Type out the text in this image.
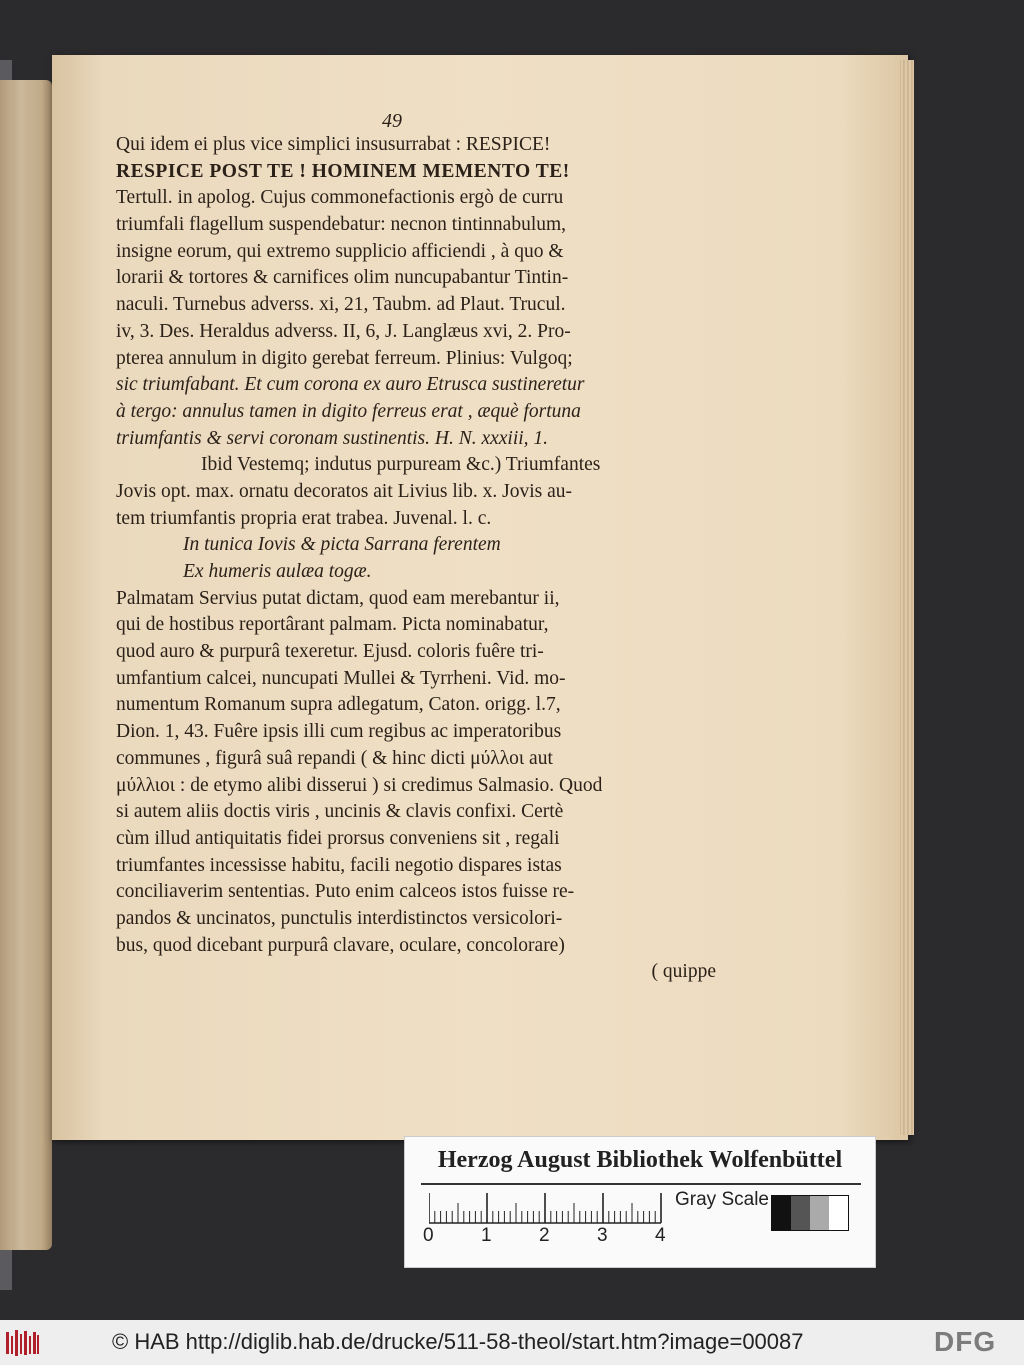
49
Qui idem ei plus vice simplici insusurrabat : RESPICE!
RESPICE POST TE ! HOMINEM MEMENTO TE!
Tertull. in apolog. Cujus commonefactionis ergò de curru
triumfali flagellum suspendebatur: necnon tintinnabulum,
insigne eorum, qui extremo supplicio afficiendi , à quo &
lorarii & tortores & carnifices olim nuncupabantur Tintin-
naculi. Turnebus adverss. xi, 21, Taubm. ad Plaut. Trucul.
iv, 3. Des. Heraldus adverss. II, 6, J. Langlæus xvi, 2. Pro-
pterea annulum in digito gerebat ferreum. Plinius: Vulgoq;
sic triumfabant. Et cum corona ex auro Etrusca sustineretur
à tergo: annulus tamen in digito ferreus erat , æquè fortuna
triumfantis & servi coronam sustinentis. H. N. xxxiii, 1.
Ibid Vestemq; indutus purpuream &c.) Triumfantes
Jovis opt. max. ornatu decoratos ait Livius lib. x. Jovis au-
tem triumfantis propria erat trabea. Juvenal. l. c.
In tunica Iovis & picta Sarrana ferentem
Ex humeris aulæa togæ.
Palmatam Servius putat dictam, quod eam merebantur ii,
qui de hostibus reportârant palmam. Picta nominabatur,
quod auro & purpurâ texeretur. Ejusd. coloris fuêre tri-
umfantium calcei, nuncupati Mullei & Tyrrheni. Vid. mo-
numentum Romanum supra adlegatum, Caton. origg. l.7,
Dion. 1, 43. Fuêre ipsis illi cum regibus ac imperatoribus
communes , figurâ suâ repandi ( & hinc dicti μύλλοι aut
μύλλιοι : de etymo alibi disserui ) si credimus Salmasio. Quod
si autem aliis doctis viris , uncinis & clavis confixi. Certè
cùm illud antiquitatis fidei prorsus conveniens sit , regali
triumfantes incessisse habitu, facili negotio dispares istas
conciliaverim sententias. Puto enim calceos istos fuisse re-
pandos & uncinatos, punctulis interdistinctos versicolori-
bus, quod dicebant purpurâ clavare, oculare, concolorare)
( quippe
Herzog August Bibliothek Wolfenbüttel
0 1 2 3 4
Gray Scale
© HAB http://diglib.hab.de/drucke/511-58-theol/start.htm?image=00087	DFG
